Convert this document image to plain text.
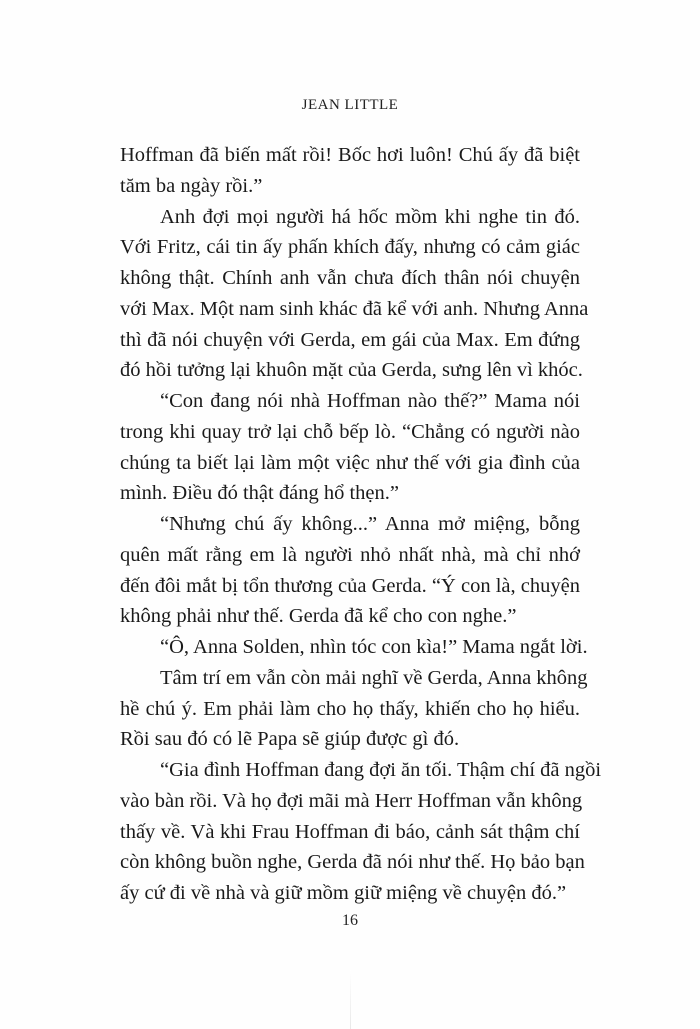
JEAN LITTLE
Hoffman đã biến mất rồi! Bốc hơi luôn! Chú ấy đã biệt
tăm ba ngày rồi.”
Anh đợi mọi người há hốc mồm khi nghe tin đó.
Với Fritz, cái tin ấy phấn khích đấy, nhưng có cảm giác
không thật. Chính anh vẫn chưa đích thân nói chuyện
với Max. Một nam sinh khác đã kể với anh. Nhưng Anna
thì đã nói chuyện với Gerda, em gái của Max. Em đứng
đó hồi tưởng lại khuôn mặt của Gerda, sưng lên vì khóc.
“Con đang nói nhà Hoffman nào thế?” Mama nói
trong khi quay trở lại chỗ bếp lò. “Chẳng có người nào
chúng ta biết lại làm một việc như thế với gia đình của
mình. Điều đó thật đáng hổ thẹn.”
“Nhưng chú ấy không...” Anna mở miệng, bỗng
quên mất rằng em là người nhỏ nhất nhà, mà chỉ nhớ
đến đôi mắt bị tổn thương của Gerda. “Ý con là, chuyện
không phải như thế. Gerda đã kể cho con nghe.”
“Ô, Anna Solden, nhìn tóc con kìa!” Mama ngắt lời.
Tâm trí em vẫn còn mải nghĩ về Gerda, Anna không
hề chú ý. Em phải làm cho họ thấy, khiến cho họ hiểu.
Rồi sau đó có lẽ Papa sẽ giúp được gì đó.
“Gia đình Hoffman đang đợi ăn tối. Thậm chí đã ngồi
vào bàn rồi. Và họ đợi mãi mà Herr Hoffman vẫn không
thấy về. Và khi Frau Hoffman đi báo, cảnh sát thậm chí
còn không buồn nghe, Gerda đã nói như thế. Họ bảo bạn
ấy cứ đi về nhà và giữ mồm giữ miệng về chuyện đó.”
16
